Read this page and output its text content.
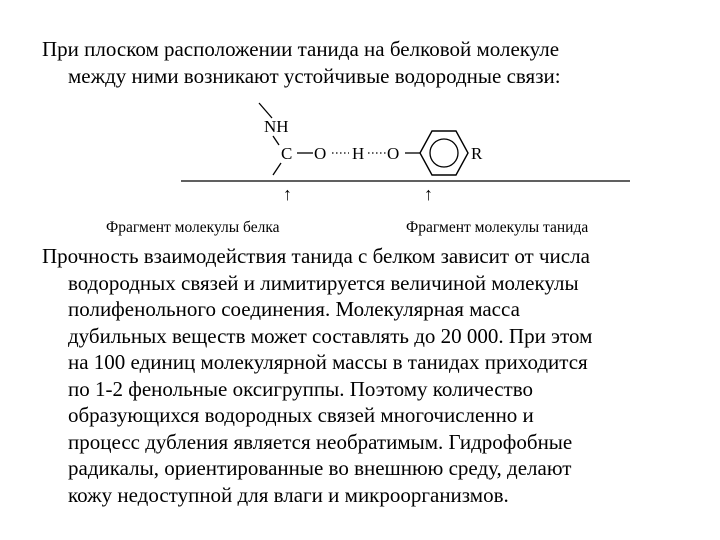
При плоском расположении танида на белковой молекуле
между ними возникают устойчивые водородные связи:
NH
C O H O	R
↑	↑
Фрагмент молекулы белка	Фрагмент молекулы танида
Прочность взаимодействия танида с белком зависит от числа
водородных связей и лимитируется величиной молекулы
полифенольного соединения. Молекулярная масса
дубильных веществ может составлять до 20 000. При этом
на 100 единиц молекулярной массы в танидах приходится
по 1-2 фенольные оксигруппы. Поэтому количество
образующихся водородных связей многочисленно и
процесс дубления является необратимым. Гидрофобные
радикалы, ориентированные во внешнюю среду, делают
кожу недоступной для влаги и микроорганизмов.
